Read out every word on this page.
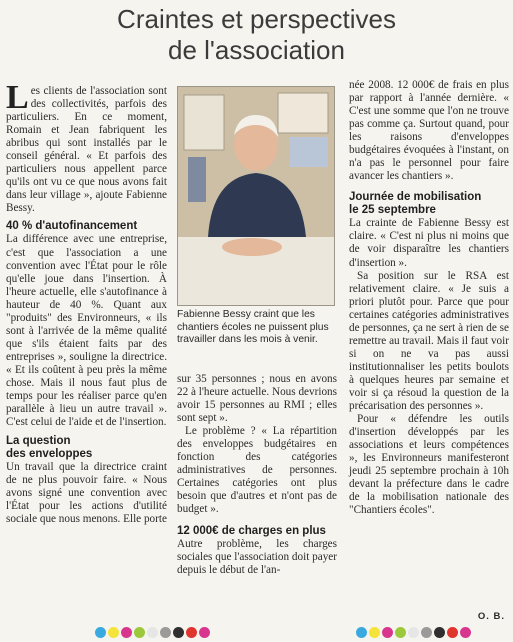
Craintes et perspectives
de l'association

Les clients de l'association sont des collectivités, parfois des particuliers. En ce moment, Romain et Jean fabriquent les abribus qui sont installés par le conseil général. « Et parfois des particuliers nous appellent parce qu'ils ont vu ce que nous avons fait dans leur village », ajoute Fabienne Bessy.

40 % d'autofinancement

La différence avec une entreprise, c'est que l'association a une convention avec l'État pour le rôle qu'elle joue dans l'insertion. À l'heure actuelle, elle s'autofinance à hauteur de 40 %. Quant aux "produits" des Environneurs, « ils sont à l'arrivée de la même qualité que s'ils étaient faits par des entreprises », souligne la directrice. « Et ils coûtent à peu près la même chose. Mais il nous faut plus de temps pour les réaliser parce qu'en parallèle à lieu un autre travail ». C'est celui de l'aide et de l'insertion.

La question
des enveloppes

Un travail que la directrice craint de ne plus pouvoir faire. « Nous avons signé une convention avec l'État pour les actions d'utilité sociale que nous menons. Elle porte

Fabienne Bessy craint que les chantiers écoles ne puissent plus travailler dans les mois à venir.

sur 35 personnes ; nous en avons 22 à l'heure actuelle. Nous devrions avoir 15 personnes au RMI ; elles sont sept ».

Le problème ? « La répartition des enveloppes budgétaires en fonction des catégories administratives de personnes. Certaines catégories ont plus besoin que d'autres et n'ont pas de budget ».

12 000€ de charges en plus

Autre problème, les charges sociales que l'association doit payer depuis le début de l'an-

née 2008. 12 000€ de frais en plus par rapport à l'année dernière. « C'est une somme que l'on ne trouve pas comme ça. Surtout quand, pour les raisons d'enveloppes budgétaires évoquées à l'instant, on n'a pas le personnel pour faire avancer les chantiers ».

Journée de mobilisation
le 25 septembre

La crainte de Fabienne Bessy est claire. « C'est ni plus ni moins que de voir disparaître les chantiers d'insertion ».

Sa position sur le RSA est relativement claire. « Je suis a priori plutôt pour. Parce que pour certaines catégories administratives de personnes, ça ne sert à rien de se remettre au travail. Mais il faut voir si on ne va pas aussi institutionnaliser les petits boulots à quelques heures par semaine et voir si ça résoud la question de la précarisation des personnes ».

Pour « défendre les outils d'insertion développés par les associations et leurs compétences », les Environneurs manifesteront jeudi 25 septembre prochain à 10h devant la préfecture dans le cadre de la mobilisation nationale des "Chantiers écoles".

O. B.
